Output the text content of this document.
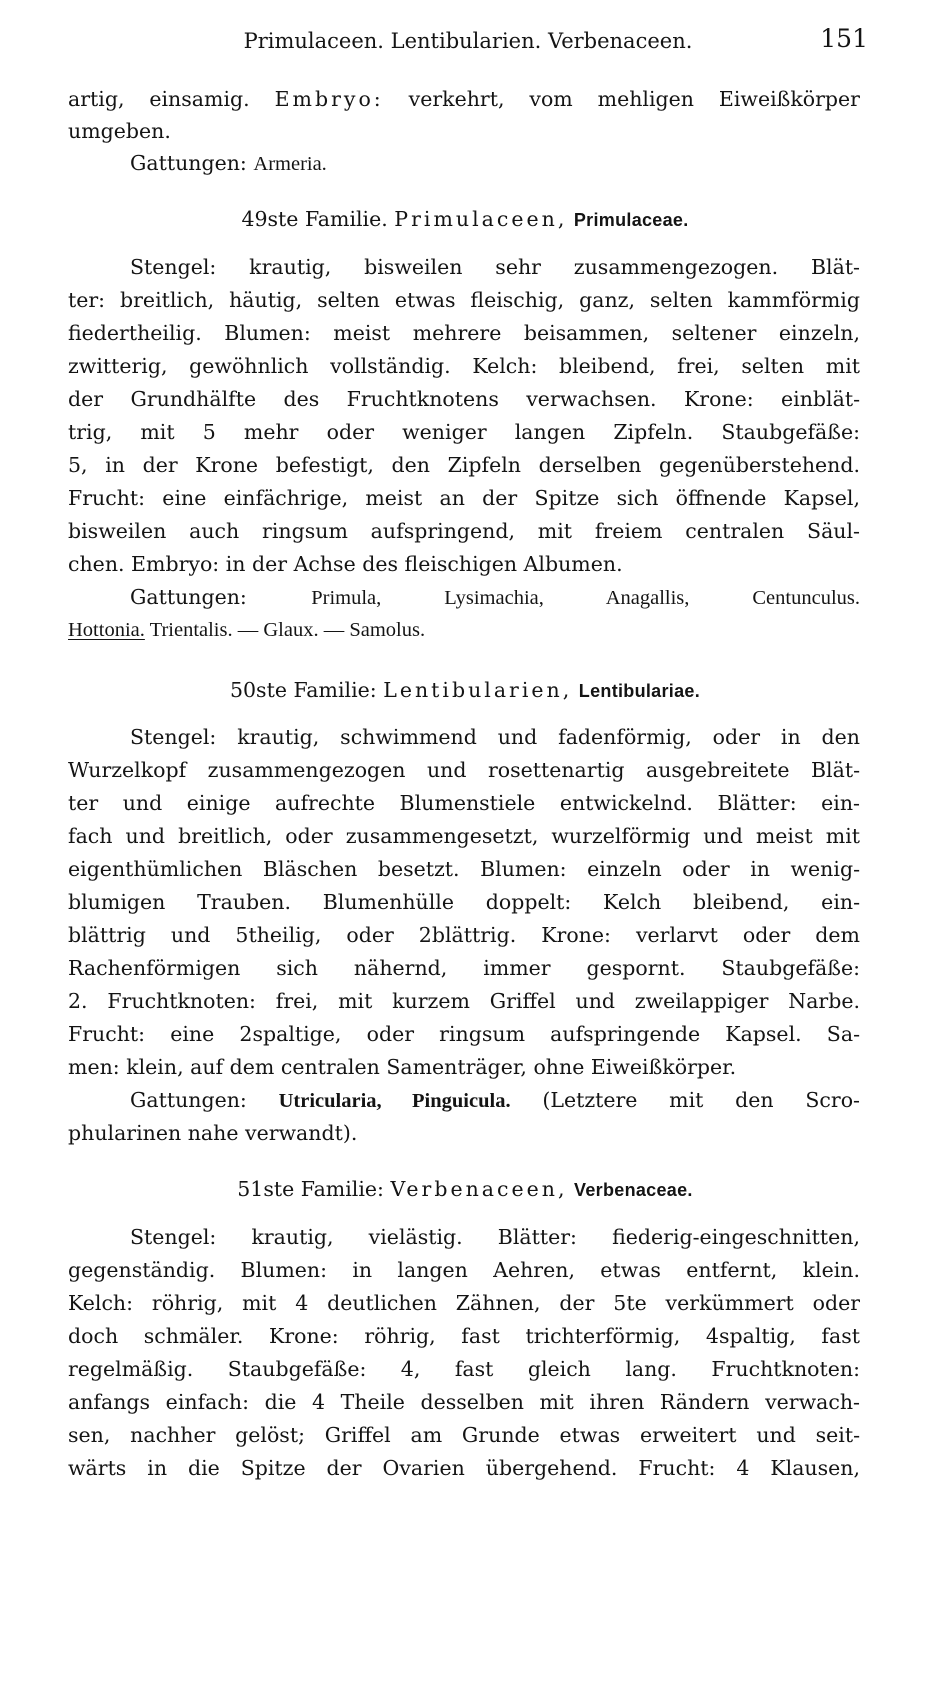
Primulaceen. Lentibularien. Verbenaceen.	151
artig, einsamig. Embryo: verkehrt, vom mehligen Eiweißkörper
umgeben.
Gattungen: Armeria.
49ste Familie. Primulaceen, Primulaceae.
Stengel: krautig, bisweilen sehr zusammengezogen. Blät-
ter: breitlich, häutig, selten etwas fleischig, ganz, selten kammförmig
fiedertheilig. Blumen: meist mehrere beisammen, seltener einzeln,
zwitterig, gewöhnlich vollständig. Kelch: bleibend, frei, selten mit
der Grundhälfte des Fruchtknotens verwachsen. Krone: einblät-
trig, mit 5 mehr oder weniger langen Zipfeln. Staubgefäße:
5, in der Krone befestigt, den Zipfeln derselben gegenüberstehend.
Frucht: eine einfächrige, meist an der Spitze sich öffnende Kapsel,
bisweilen auch ringsum aufspringend, mit freiem centralen Säul-
chen. Embryo: in der Achse des fleischigen Albumen.
Gattungen:	Primula, Lysimachia, Anagallis, Centunculus.
Hottonia. Trientalis. — Glaux. — Samolus.
50ste Familie: Lentibularien, Lentibulariae.
Stengel: krautig, schwimmend und fadenförmig, oder in den
Wurzelkopf zusammengezogen und rosettenartig ausgebreitete Blät-
ter und einige aufrechte Blumenstiele entwickelnd. Blätter: ein-
fach und breitlich, oder zusammengesetzt, wurzelförmig und meist mit
eigenthümlichen Bläschen besetzt. Blumen: einzeln oder in wenig-
blumigen Trauben. Blumenhülle doppelt: Kelch bleibend, ein-
blättrig und 5theilig, oder 2blättrig. Krone: verlarvt oder dem
Rachenförmigen sich nähernd, immer gespornt. Staubgefäße:
2. Fruchtknoten: frei, mit kurzem Griffel und zweilappiger Narbe.
Frucht: eine 2spaltige, oder ringsum aufspringende Kapsel. Sa-
men: klein, auf dem centralen Samenträger, ohne Eiweißkörper.
Gattungen: Utricularia, Pinguicula. (Letztere mit den Scro-
phularinen nahe verwandt).
51ste Familie: Verbenaceen, Verbenaceae.
Stengel: krautig, vielästig. Blätter: fiederig-eingeschnitten,
gegenständig. Blumen: in langen Aehren, etwas entfernt, klein.
Kelch: röhrig, mit 4 deutlichen Zähnen, der 5te verkümmert oder
doch schmäler. Krone: röhrig, fast trichterförmig, 4spaltig, fast
regelmäßig. Staubgefäße: 4, fast gleich lang. Fruchtknoten:
anfangs einfach: die 4 Theile desselben mit ihren Rändern verwach-
sen, nachher gelöst; Griffel am Grunde etwas erweitert und seit-
wärts in die Spitze der Ovarien übergehend. Frucht: 4 Klausen,
